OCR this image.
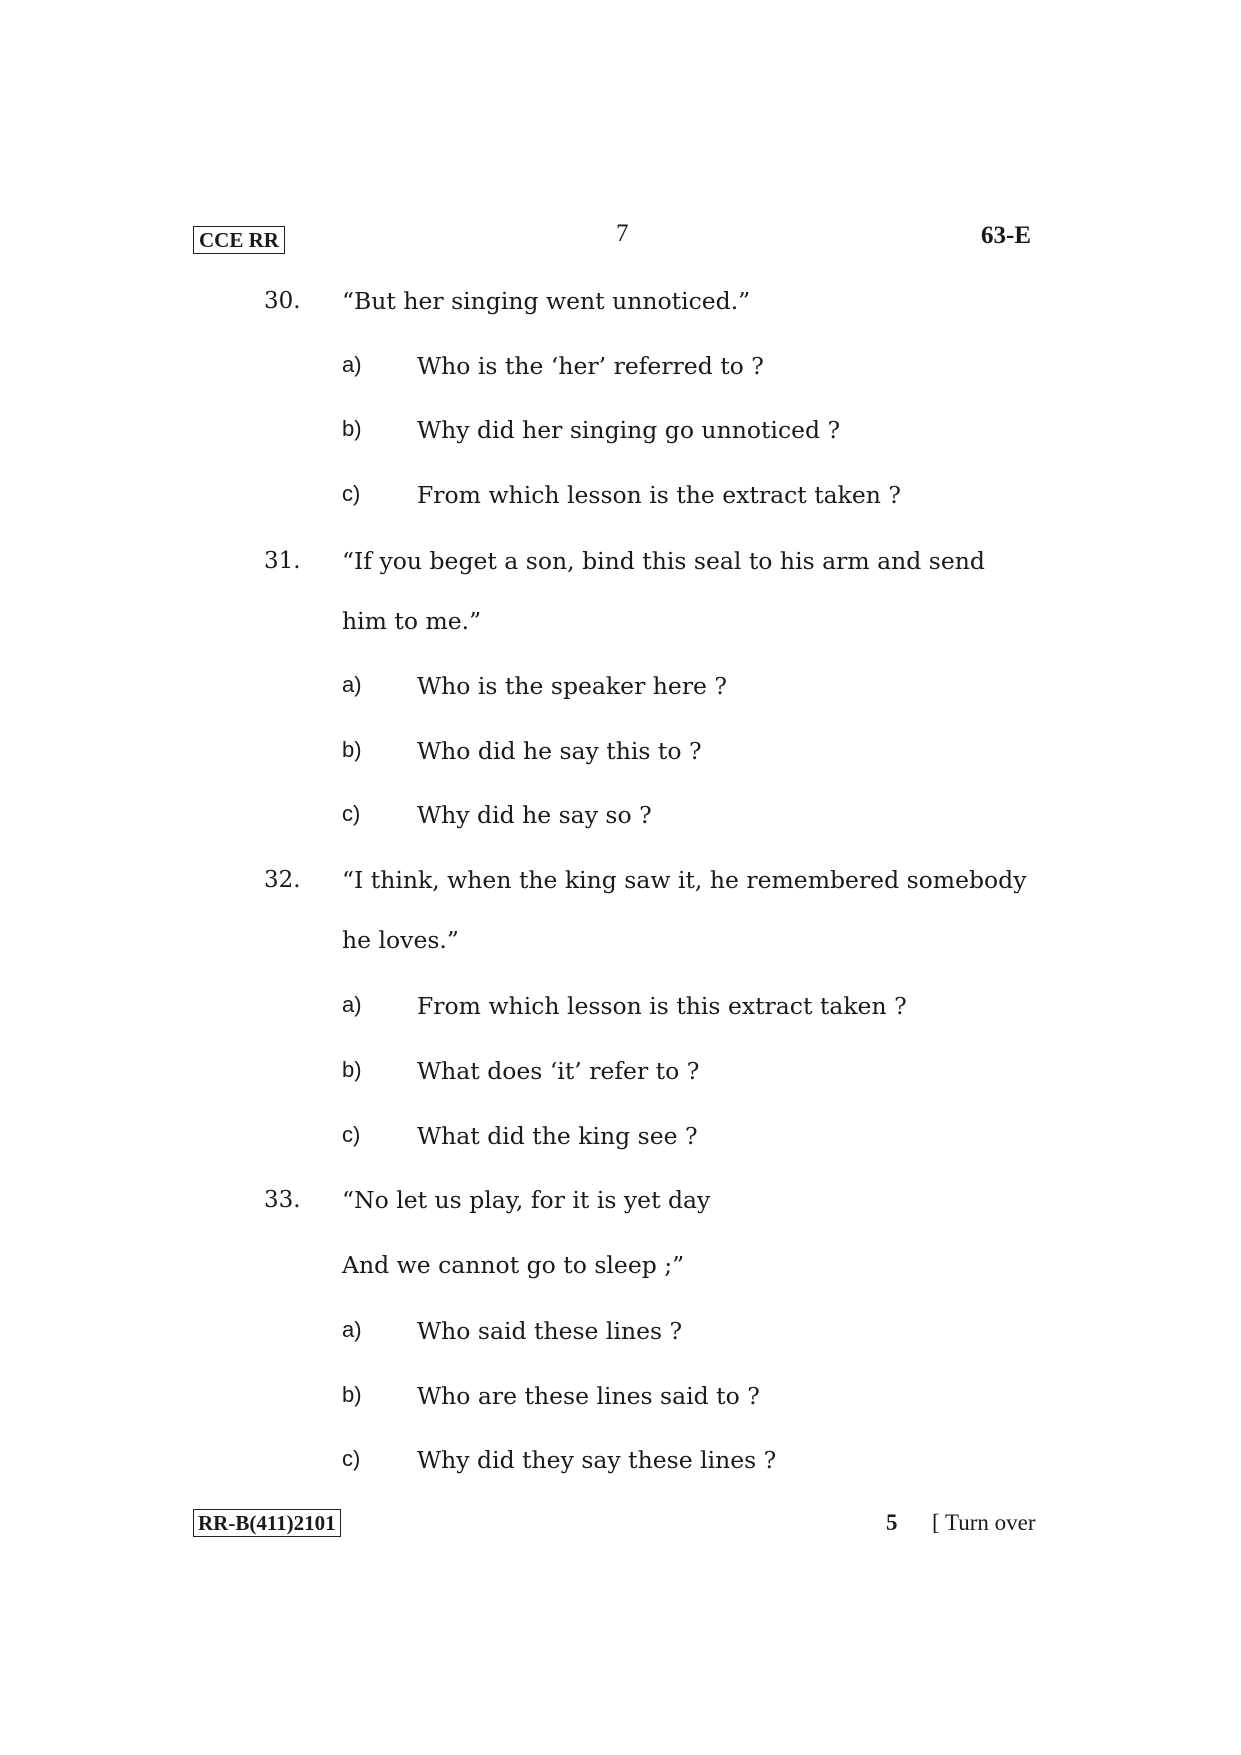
CCE RR	7	63-E
30. “But her singing went unnoticed.”
a) Who is the ‘her’ referred to ?
b) Why did her singing go unnoticed ?
c) From which lesson is the extract taken ?
31. “If you beget a son, bind this seal to his arm and send
him to me.”
a) Who is the speaker here ?
b) Who did he say this to ?
c) Why did he say so ?
32. “I think, when the king saw it, he remembered somebody
he loves.”
a) From which lesson is this extract taken ?
b) What does ‘it’ refer to ?
c) What did the king see ?
33. “No let us play, for it is yet day
And we cannot go to sleep ;”
a) Who said these lines ?
b) Who are these lines said to ?
c) Why did they say these lines ?
RR-B(411)2101	5 [ Turn over
